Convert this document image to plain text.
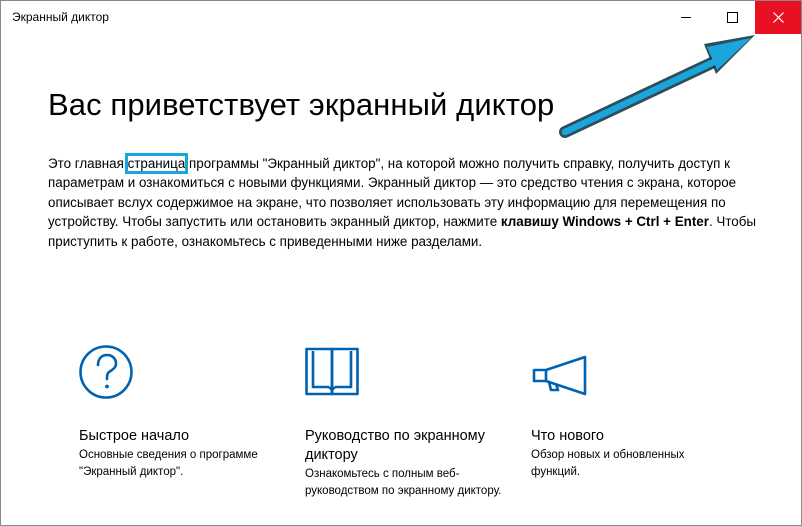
Экранный диктор
Вас приветствует экранный диктор

Это главная страница программы "Экранный диктор", на которой можно получить справку, получить доступ к параметрам и ознакомиться с новыми функциями. Экранный диктор — это средство чтения с экрана, которое описывает вслух содержимое на экране, что позволяет использовать эту информацию для перемещения по устройству. Чтобы запустить или остановить экранный диктор, нажмите клавишу Windows + Ctrl + Enter. Чтобы приступить к работе, ознакомьтесь с приведенными ниже разделами.

Быстрое начало

Основные сведения о программе "Экранный диктор".

Руководство по экранному диктору

Ознакомьтесь с полным веб-руководством по экранному диктору.

Что нового

Обзор новых и обновленных функций.
